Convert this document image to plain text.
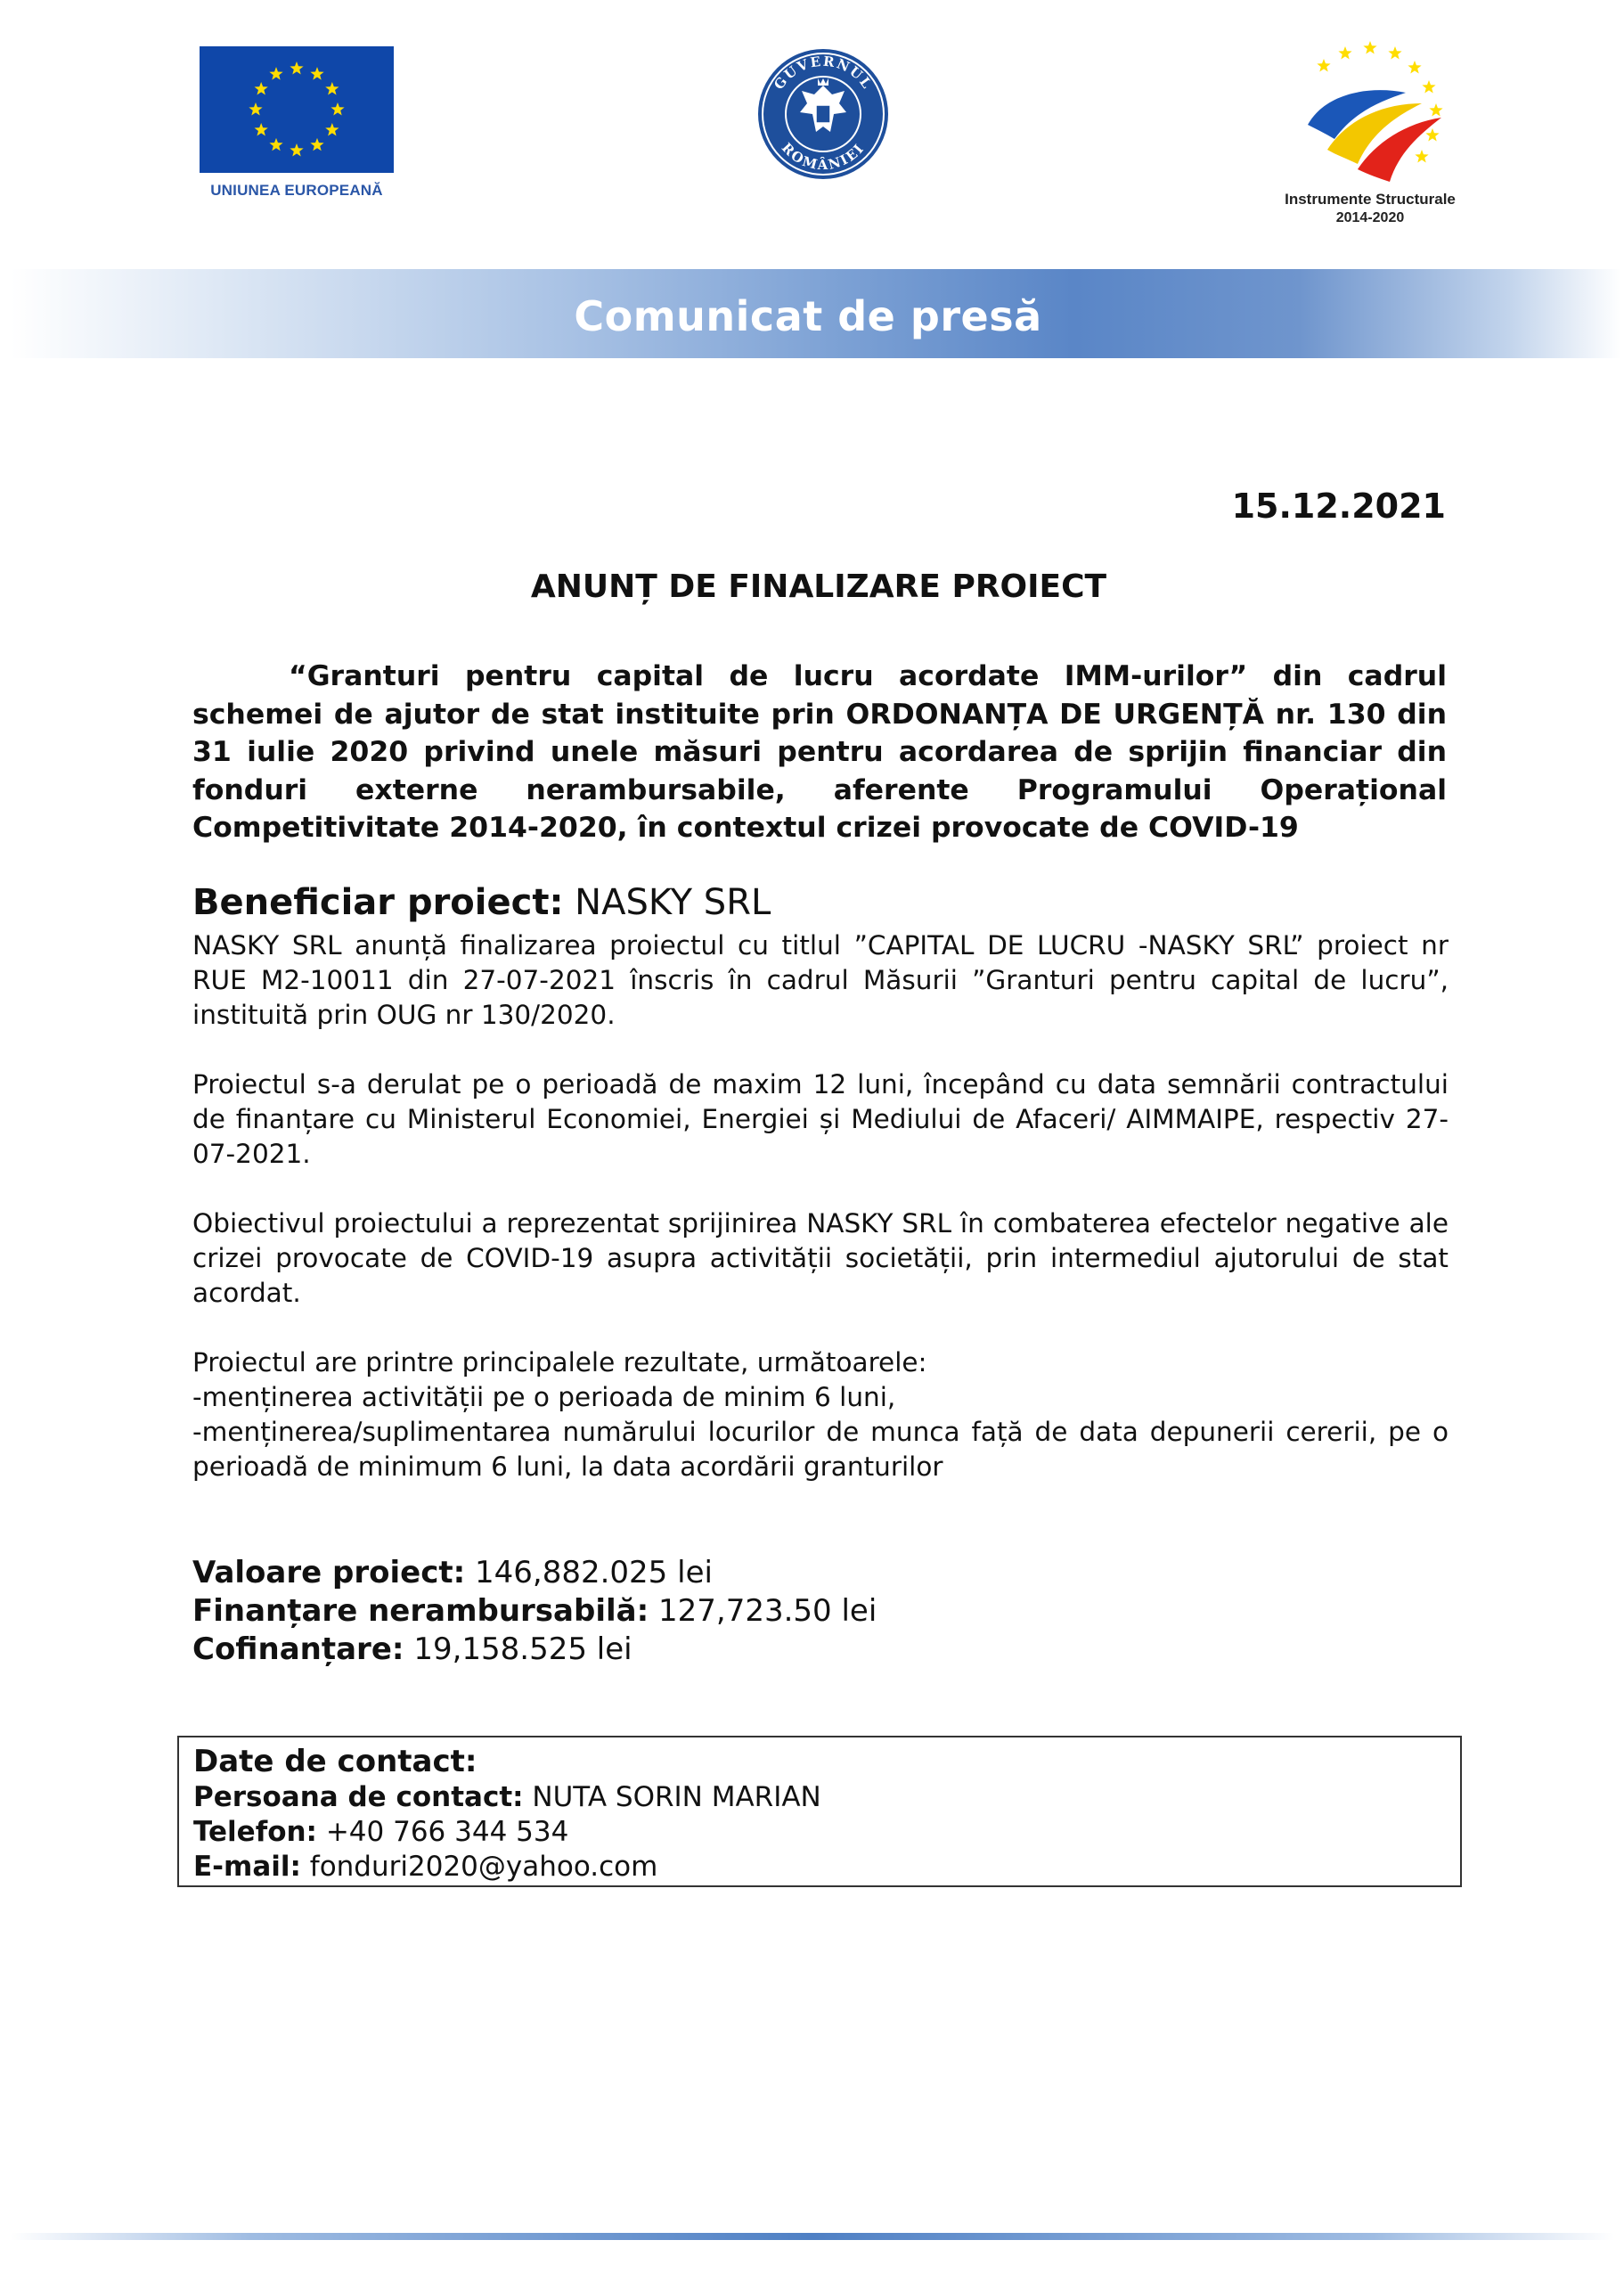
UNIUNEA EUROPEANĂ
GUVERNUL
ROMÂNIEI
Instrumente Structurale
2014-2020
Comunicat de presă
15.12.2021
ANUNȚ DE FINALIZARE PROIECT
“Granturi pentru capital de lucru acordate IMM-urilor” din cadrul schemei de ajutor de stat instituite prin ORDONANȚA DE URGENȚĂ nr. 130 din 31 iulie 2020 privind unele măsuri pentru acordarea de sprijin financiar din fonduri externe nerambursabile, aferente Programului Operațional Competitivitate 2014-2020, în contextul crizei provocate de COVID-19
Beneficiar proiect: NASKY SRL
NASKY SRL anunță finalizarea proiectul cu titlul ”CAPITAL DE LUCRU -NASKY SRL” proiect nr RUE M2-10011 din 27-07-2021 înscris în cadrul Măsurii ”Granturi pentru capital de lucru”, instituită prin OUG nr 130/2020.
Proiectul s-a derulat pe o perioadă de maxim 12 luni, începând cu data semnării contractului de finanțare cu Ministerul Economiei, Energiei și Mediului de Afaceri/ AIMMAIPE, respectiv 27-07-2021.
Obiectivul proiectului a reprezentat sprijinirea NASKY SRL în combaterea efectelor negative ale crizei provocate de COVID-19 asupra activității societății, prin intermediul ajutorului de stat acordat.
Proiectul are printre principalele rezultate, următoarele:
-menținerea activității pe o perioada de minim 6 luni,
-menținerea/suplimentarea numărului locurilor de munca față de data depunerii cererii, pe o perioadă de minimum 6 luni, la data acordării granturilor
Valoare proiect: 146,882.025 lei
Finanțare nerambursabilă: 127,723.50 lei
Cofinanțare: 19,158.525 lei
Date de contact:
Persoana de contact: NUTA SORIN MARIAN
Telefon: +40 766 344 534
E-mail: fonduri2020@yahoo.com
